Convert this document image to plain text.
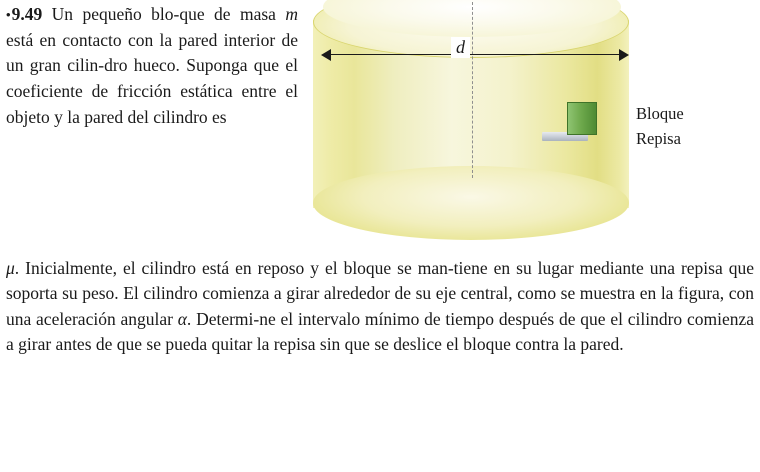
•9.49 Un pequeño blo-que de masa m está en contacto con la pared interior de un gran cilin-dro hueco. Suponga que el coeficiente de fricción estática entre el objeto y la pared del cilindro es
d
Bloque
Repisa
μ. Inicialmente, el cilindro está en reposo y el bloque se man-tiene en su lugar mediante una repisa que soporta su peso. El cilindro comienza a girar alrededor de su eje central, como se muestra en la figura, con una aceleración angular α. Determi-ne el intervalo mínimo de tiempo después de que el cilindro comienza a girar antes de que se pueda quitar la repisa sin que se deslice el bloque contra la pared.
